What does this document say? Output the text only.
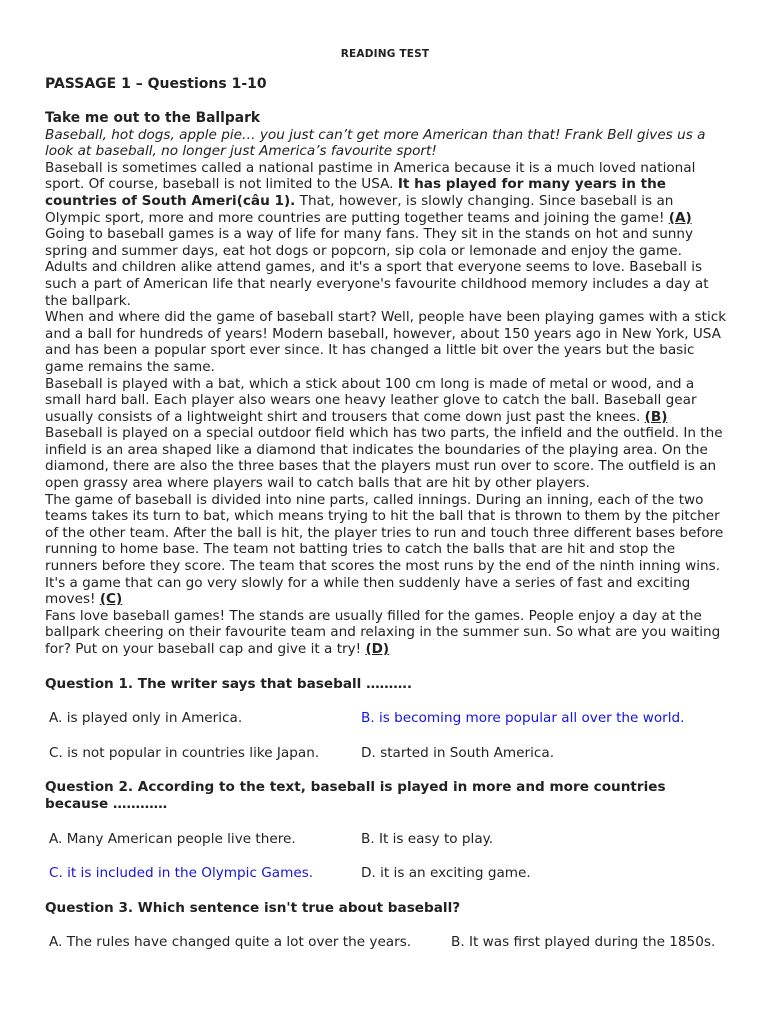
READING TEST
PASSAGE 1 – Questions 1-10

Take me out to the Ballpark

Baseball, hot dogs, apple pie… you just can’t get more American than that! Frank Bell gives us a look at baseball, no longer just America’s favourite sport!

Baseball is sometimes called a national pastime in America because it is a much loved national sport. Of course, baseball is not limited to the USA. It has played for many years in the countries of South Ameri(câu 1). That, however, is slowly changing. Since baseball is an Olympic sport, more and more countries are putting together teams and joining the game! (A)

Going to baseball games is a way of life for many fans. They sit in the stands on hot and sunny spring and summer days, eat hot dogs or popcorn, sip cola or lemonade and enjoy the game. Adults and children alike attend games, and it's a sport that everyone seems to love. Baseball is such a part of American life that nearly everyone's favourite childhood memory includes a day at the ballpark.

When and where did the game of baseball start? Well, people have been playing games with a stick and a ball for hundreds of years! Modern baseball, however, about 150 years ago in New York, USA and has been a popular sport ever since. It has changed a little bit over the years but the basic game remains the same.

Baseball is played with a bat, which a stick about 100 cm long is made of metal or wood, and a small hard ball. Each player also wears one heavy leather glove to catch the ball. Baseball gear usually consists of a lightweight shirt and trousers that come down just past the knees. (B)

Baseball is played on a special outdoor field which has two parts, the infield and the outfield. In the infield is an area shaped like a diamond that indicates the boundaries of the playing area. On the diamond, there are also the three bases that the players must run over to score. The outfield is an open grassy area where players wail to catch balls that are hit by other players.

The game of baseball is divided into nine parts, called innings. During an inning, each of the two teams takes its turn to bat, which means trying to hit the ball that is thrown to them by the pitcher of the other team. After the ball is hit, the player tries to run and touch three different bases before running to home base. The team not batting tries to catch the balls that are hit and stop the runners before they score. The team that scores the most runs by the end of the ninth inning wins. It's a game that can go very slowly for a while then suddenly have a series of fast and exciting moves! (C)

Fans love baseball games! The stands are usually filled for the games. People enjoy a day at the ballpark cheering on their favourite team and relaxing in the summer sun. So what are you waiting for? Put on your baseball cap and give it a try! (D)

Question 1. The writer says that baseball ……….
A. is played only in America.	B. is becoming more popular all over the world.
C. is not popular in countries like Japan.	D. started in South America.
Question 2. According to the text, baseball is played in more and more countries because …………
A. Many American people live there.	B. It is easy to play.
C. it is included in the Olympic Games.	D. it is an exciting game.
Question 3. Which sentence isn't true about baseball?
A. The rules have changed quite a lot over the years.	B. It was first played during the 1850s.
